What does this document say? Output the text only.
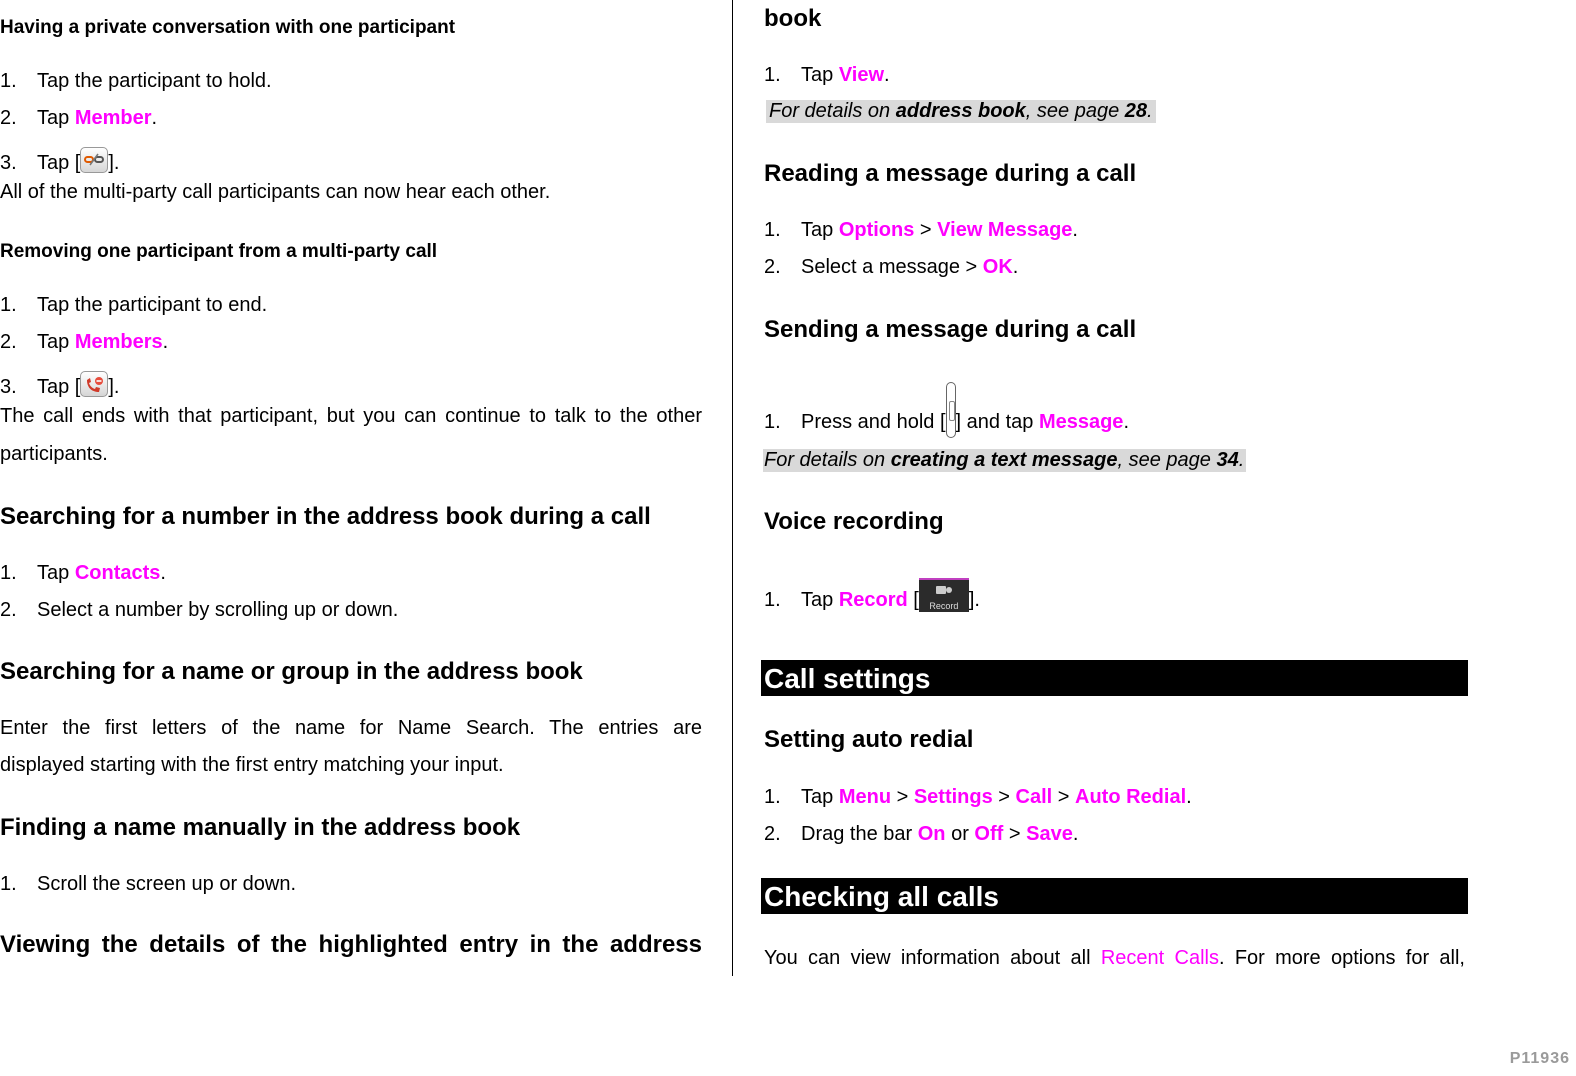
Having a private conversation with one participant
1. Tap the participant to hold.
2. Tap Member.
3. Tap [ ].
All of the multi-party call participants can now hear each other.
Removing one participant from a multi-party call
1. Tap the participant to end.
2. Tap Members.
3. Tap [ ].
The call ends with that participant, but you can continue to talk to the other
participants.
Searching for a number in the address book during a call
1. Tap Contacts.
2. Select a number by scrolling up or down.
Searching for a name or group in the address book
Enter the first letters of the name for Name Search. The entries are
displayed starting with the first entry matching your input.
Finding a name manually in the address book
1. Scroll the screen up or down.
Viewing the details of the highlighted entry in the address
book
1. Tap View.
For details on address book, see page 28.
Reading a message during a call
1. Tap Options > View Message.
2. Select a message > OK.
Sending a message during a call
1. Press and hold [ ] and tap Message.
For details on creating a text message, see page 34.
Voice recording
1. Tap Record [	Record ].
Call settings
Setting auto redial
1. Tap Menu > Settings > Call > Auto Redial.
2. Drag the bar On or Off > Save.
Checking all calls
You can view information about all Recent Calls. For more options for all,
P11936
